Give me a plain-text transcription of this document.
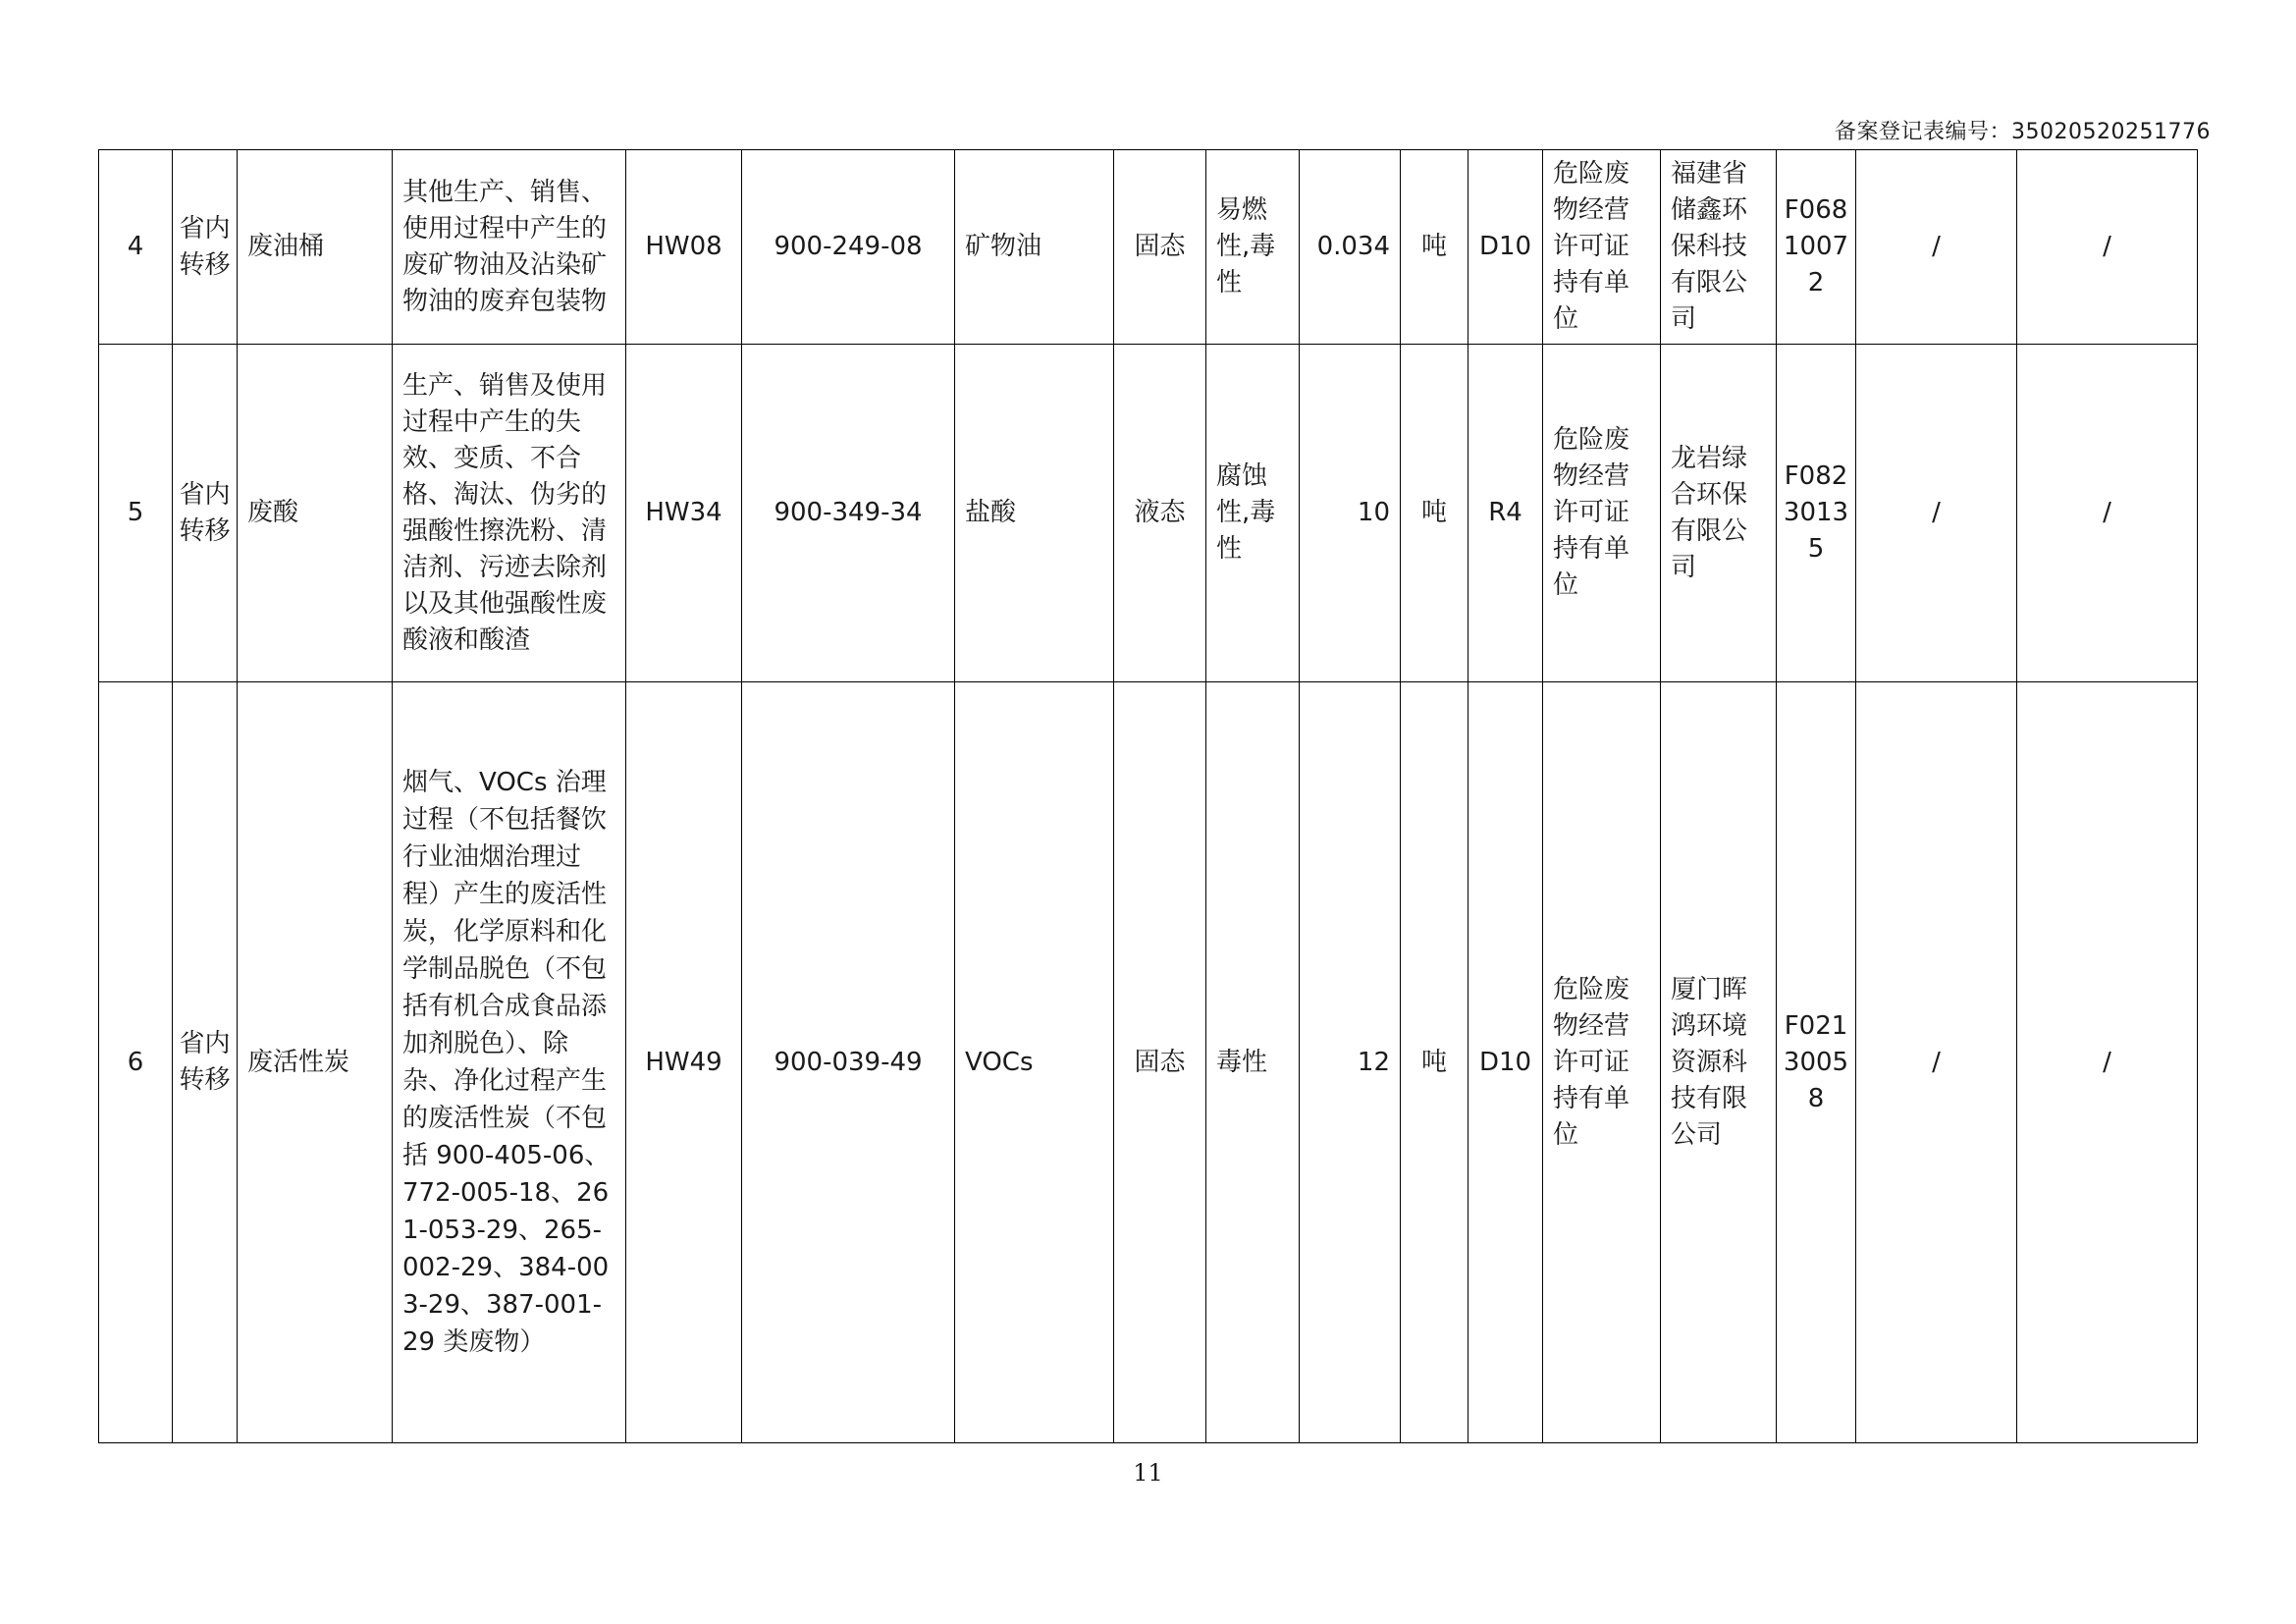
备案登记表编号：35020520251776
4	省内转移	废油桶	其他生产、销售、使用过程中产生的废矿物油及沾染矿物油的废弃包装物	HW08	900-249-08	矿物油	固态	易燃性,毒性	0.034	吨	D10	危险废物经营许可证持有单位	福建省储鑫环保科技有限公司	F06810072	/	/
5	省内转移	废酸	生产、销售及使用过程中产生的失效、变质、不合格、淘汰、伪劣的强酸性擦洗粉、清洁剂、污迹去除剂以及其他强酸性废酸液和酸渣	HW34	900-349-34	盐酸	液态	腐蚀性,毒性	10	吨	R4	危险废物经营许可证持有单位	龙岩绿合环保有限公司	F08230135	/	/
6	省内转移	废活性炭	烟气、VOCs 治理过程（不包括餐饮行业油烟治理过程）产生的废活性炭，化学原料和化学制品脱色（不包括有机合成食品添加剂脱色）、除杂、净化过程产生的废活性炭（不包括 900-405-06、772-005-18、261-053-29、265-002-29、384-003-29、387-001-29 类废物）	HW49	900-039-49	VOCs	固态	毒性	12	吨	D10	危险废物经营许可证持有单位	厦门晖鸿环境资源科技有限公司	F02130058	/	/
11
